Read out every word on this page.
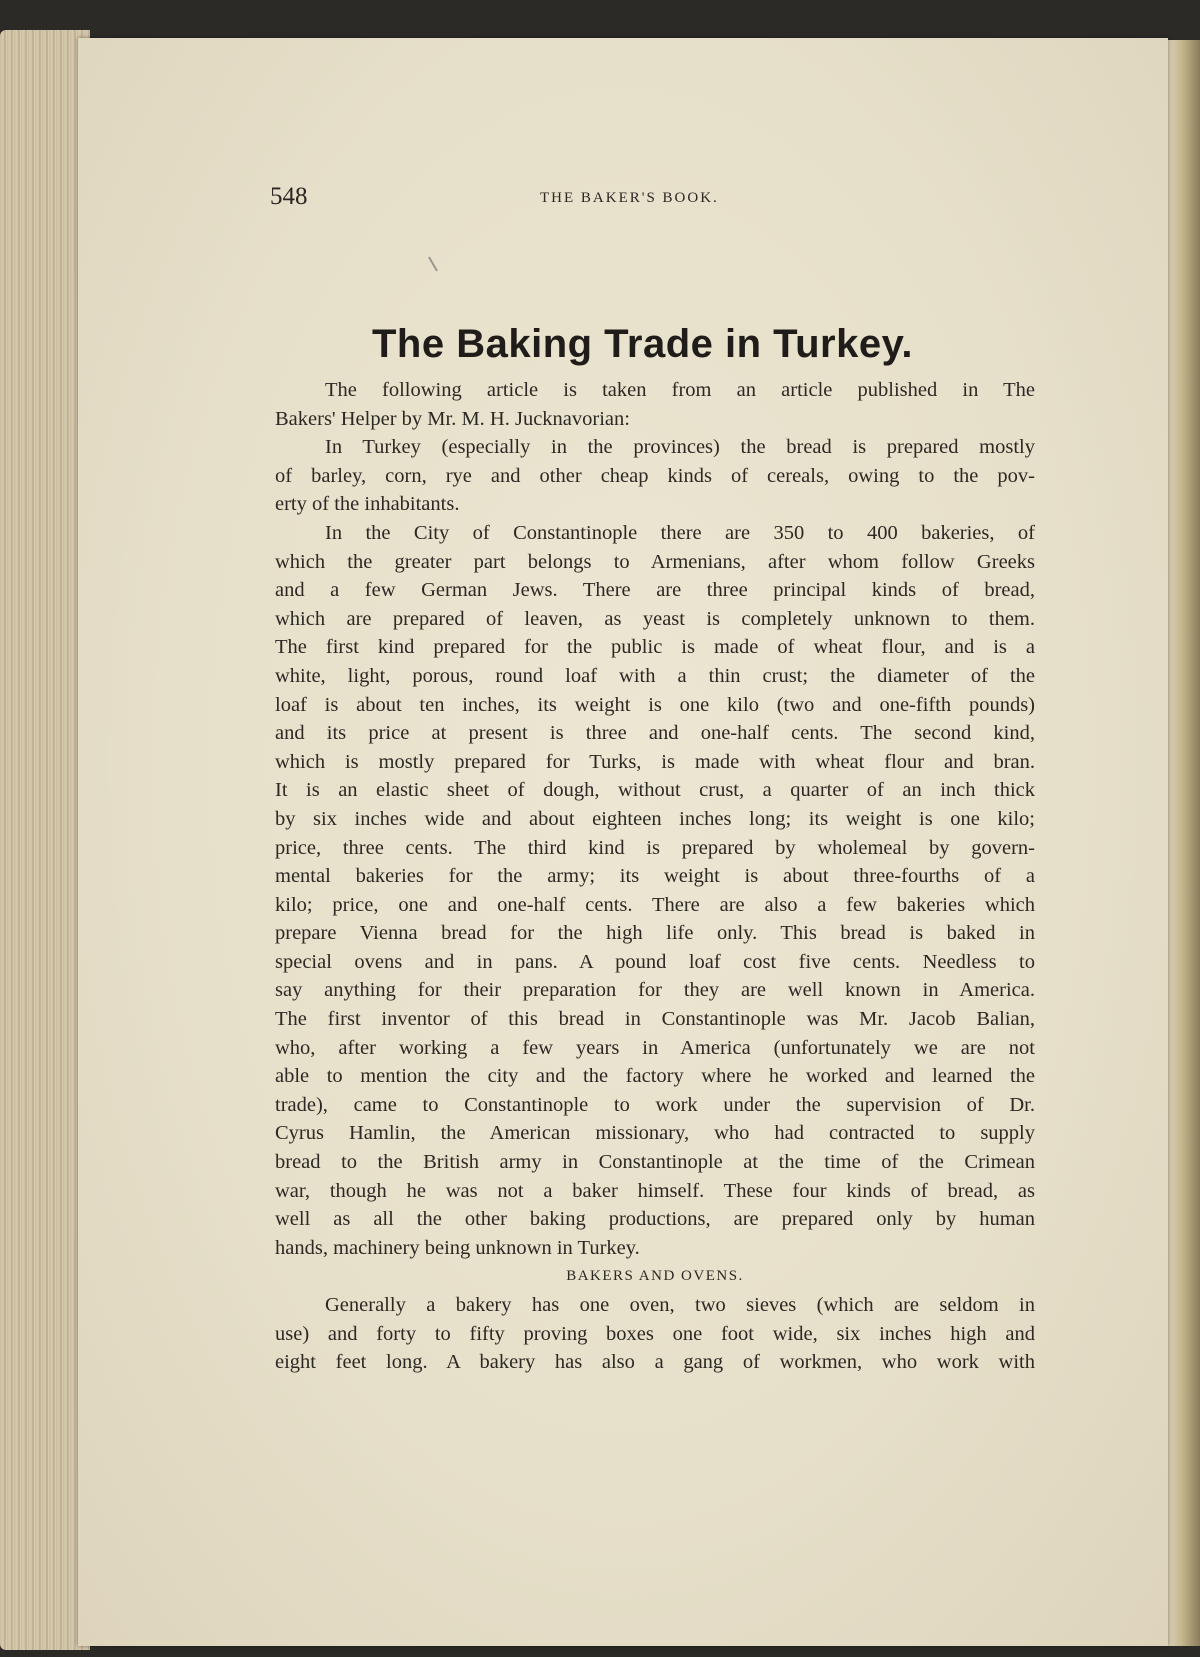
548	THE BAKER'S BOOK.
The Baking Trade in Turkey.
The following article is taken from an article published in The
Bakers' Helper by Mr. M. H. Jucknavorian:
In Turkey (especially in the provinces) the bread is prepared mostly
of barley, corn, rye and other cheap kinds of cereals, owing to the pov-
erty of the inhabitants.
In the City of Constantinople there are 350 to 400 bakeries, of
which the greater part belongs to Armenians, after whom follow Greeks
and a few German Jews. There are three principal kinds of bread,
which are prepared of leaven, as yeast is completely unknown to them.
The first kind prepared for the public is made of wheat flour, and is a
white, light, porous, round loaf with a thin crust; the diameter of the
loaf is about ten inches, its weight is one kilo (two and one-fifth pounds)
and its price at present is three and one-half cents. The second kind,
which is mostly prepared for Turks, is made with wheat flour and bran.
It is an elastic sheet of dough, without crust, a quarter of an inch thick
by six inches wide and about eighteen inches long; its weight is one kilo;
price, three cents. The third kind is prepared by wholemeal by govern-
mental bakeries for the army; its weight is about three-fourths of a
kilo; price, one and one-half cents. There are also a few bakeries which
prepare Vienna bread for the high life only. This bread is baked in
special ovens and in pans. A pound loaf cost five cents. Needless to
say anything for their preparation for they are well known in America.
The first inventor of this bread in Constantinople was Mr. Jacob Balian,
who, after working a few years in America (unfortunately we are not
able to mention the city and the factory where he worked and learned the
trade), came to Constantinople to work under the supervision of Dr.
Cyrus Hamlin, the American missionary, who had contracted to supply
bread to the British army in Constantinople at the time of the Crimean
war, though he was not a baker himself. These four kinds of bread, as
well as all the other baking productions, are prepared only by human
hands, machinery being unknown in Turkey.
BAKERS AND OVENS.
Generally a bakery has one oven, two sieves (which are seldom in
use) and forty to fifty proving boxes one foot wide, six inches high and
eight feet long. A bakery has also a gang of workmen, who work with
